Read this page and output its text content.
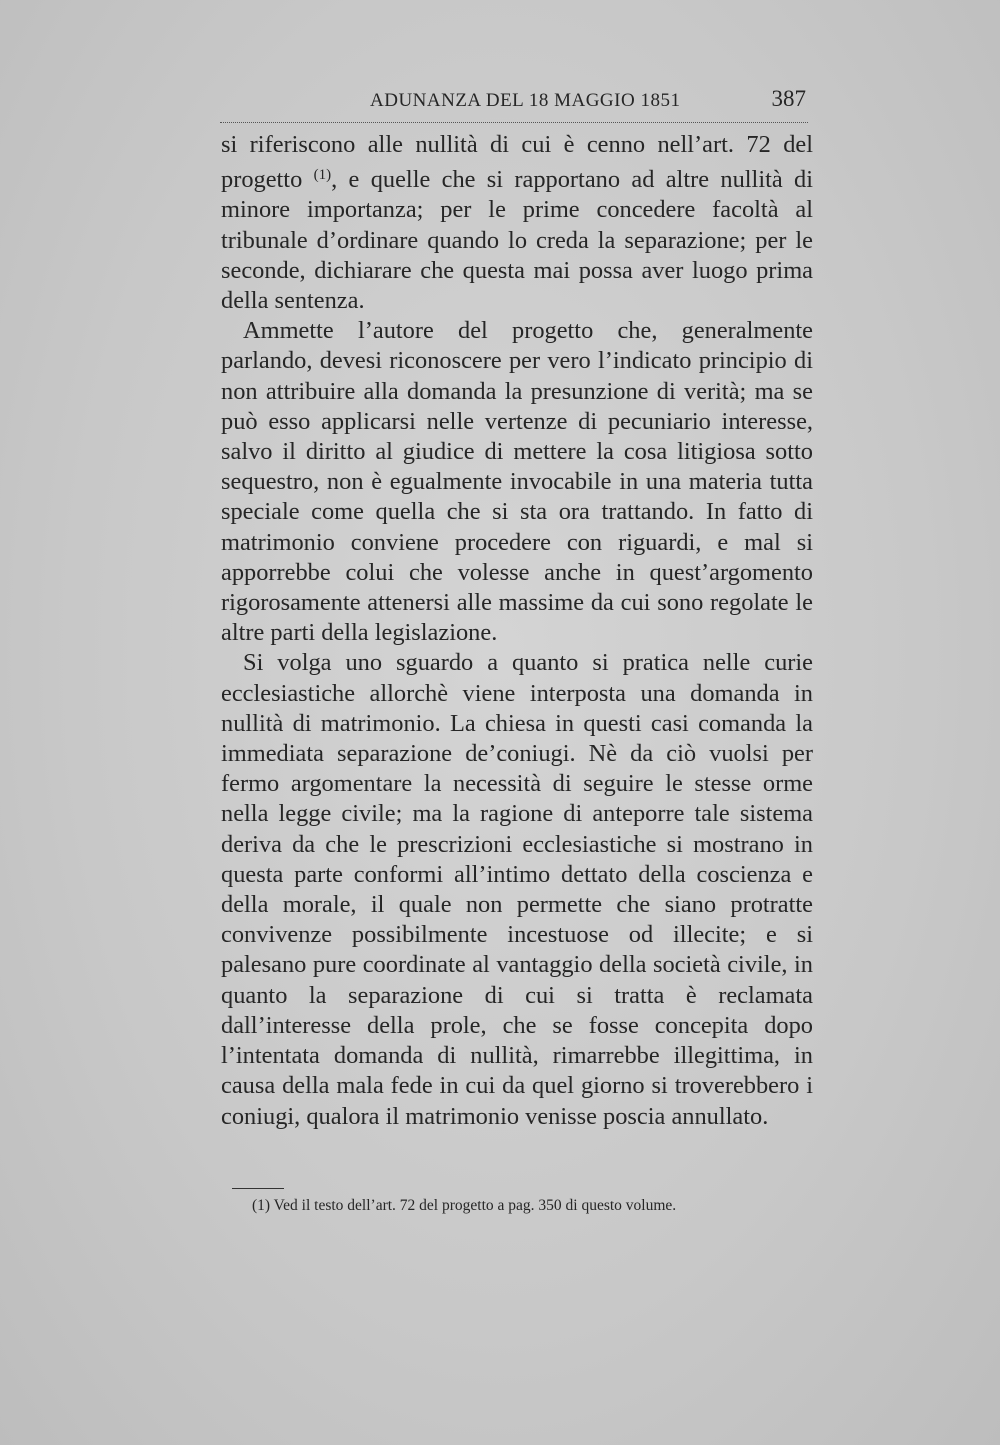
ADUNANZA DEL 18 MAGGIO 1851	387

si riferiscono alle nullità di cui è cenno nell’art. 72 del progetto $^{(1)}$, e quelle che si rapportano ad altre nullità di minore importanza; per le prime concedere facoltà al tribunale d’ordinare quando lo creda la separazione; per le seconde, dichiarare che questa mai possa aver luogo prima della sentenza.

Ammette l’autore del progetto che, generalmente parlando, devesi riconoscere per vero l’indicato principio di non attribuire alla domanda la presunzione di verità; ma se può esso applicarsi nelle vertenze di pecuniario interesse, salvo il diritto al giudice di mettere la cosa litigiosa sotto sequestro, non è egualmente invocabile in una materia tutta speciale come quella che si sta ora trattando. In fatto di matrimonio conviene procedere con riguardi, e mal si apporrebbe colui che volesse anche in quest’argomento rigorosamente attenersi alle massime da cui sono regolate le altre parti della legislazione.

Si volga uno sguardo a quanto si pratica nelle curie ecclesiastiche allorchè viene interposta una domanda in nullità di matrimonio. La chiesa in questi casi comanda la immediata separazione de’coniugi. Nè da ciò vuolsi per fermo argomentare la necessità di seguire le stesse orme nella legge civile; ma la ragione di anteporre tale sistema deriva da che le prescrizioni ecclesiastiche si mostrano in questa parte conformi all’intimo dettato della coscienza e della morale, il quale non permette che siano protratte convivenze possibilmente incestuose od illecite; e si palesano pure coordinate al vantaggio della società civile, in quanto la separazione di cui si tratta è reclamata dall’interesse della prole, che se fosse concepita dopo l’intentata domanda di nullità, rimarrebbe illegittima, in causa della mala fede in cui da quel giorno si troverebbero i coniugi, qualora il matrimonio venisse poscia annullato.

(1) Ved il testo dell’art. 72 del progetto a pag. 350 di questo volume.
